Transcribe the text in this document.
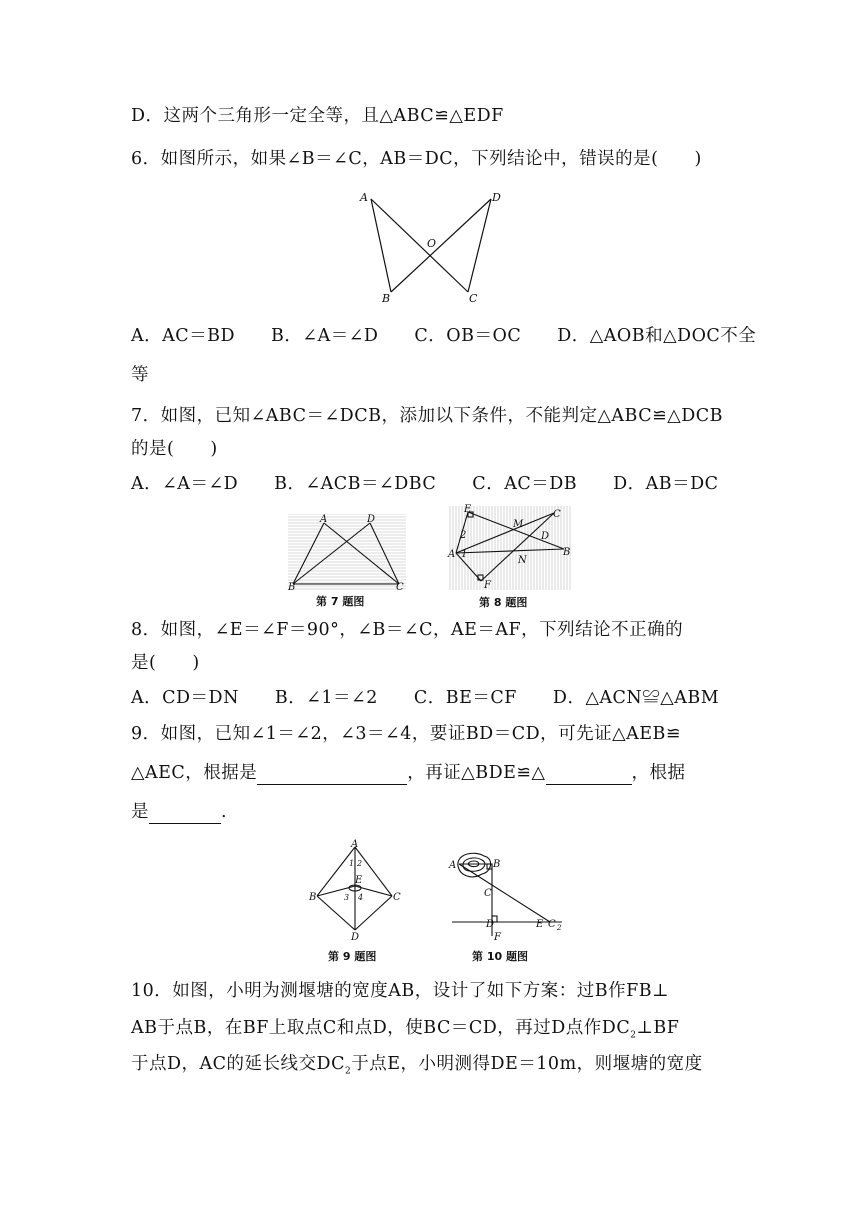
D．这两个三角形一定全等，且△ABC≌△EDF
6．如图所示，如果∠B＝∠C，AB＝DC，下列结论中，错误的是(　　)
A	D
O
B	C
A．AC＝BD　　B．∠A＝∠D　　C．OB＝OC　　D．△AOB和△DOC不全
等
7．如图，已知∠ABC＝∠DCB，添加以下条件，不能判定△ABC≌△DCB
的是(　　)
A．∠A＝∠D　　B．∠ACB＝∠DBC　　C．AC＝DB　　D．AB＝DC
A	D
B	C
第 7 题图
E	C
M
D
2
1
A
N
B
F
第 8 题图
8．如图，∠E＝∠F＝90°，∠B＝∠C，AE＝AF，下列结论不正确的
是(　　)
A．CD＝DN　　B．∠1＝∠2　　C．BE＝CF　　D．△ACN≌△ABM
9．如图，已知∠1＝∠2，∠3＝∠4，要证BD＝CD，可先证△AEB≌
△AEC，根据是	，再证△BDE≌△	，根据
是	.
A
1 2
E
3 4
B	C
D
第 9 题图
A	B
C
D	E C 2
F
第 10 题图
10．如图，小明为测堰塘的宽度AB，设计了如下方案：过B作FB⊥
AB于点B，在BF上取点C和点D，使BC＝CD，再过D点作$DC_2\perp BF$
于点D，AC的延长线交$DC_2$于点E，小明测得DE＝10m，则堰塘的宽度
